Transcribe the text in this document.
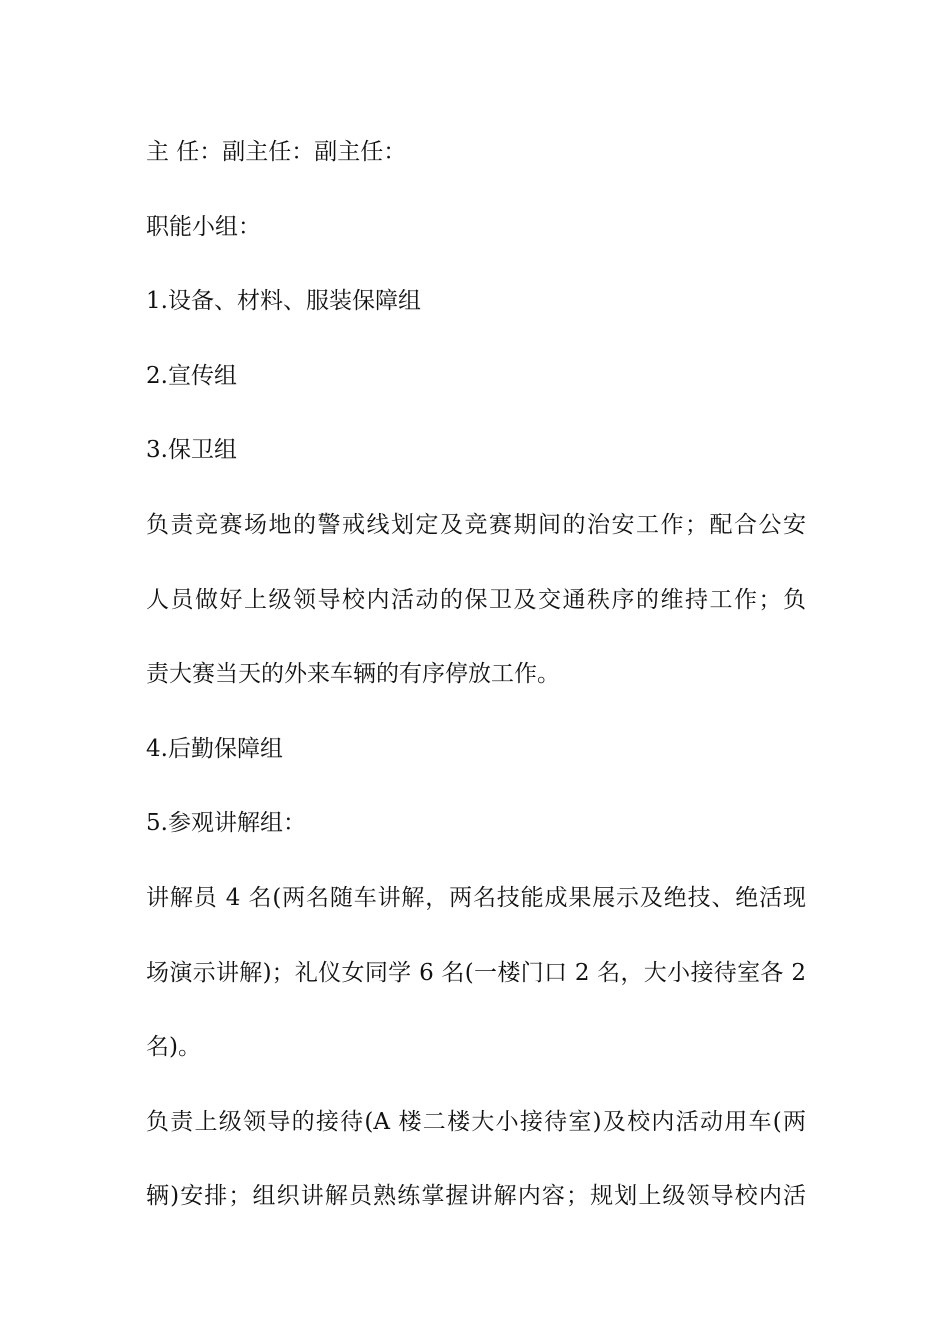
主 任：副主任：副主任：
职能小组：
1.设备、材料、服装保障组
2.宣传组
3.保卫组
负责竞赛场地的警戒线划定及竞赛期间的治安工作；配合公安
人员做好上级领导校内活动的保卫及交通秩序的维持工作；负
责大赛当天的外来车辆的有序停放工作。
4.后勤保障组
5.参观讲解组：
讲解员 4 名(两名随车讲解，两名技能成果展示及绝技、绝活现
场演示讲解)；礼仪女同学 6 名(一楼门口 2 名，大小接待室各 2
名)。
负责上级领导的接待(A 楼二楼大小接待室)及校内活动用车(两
辆)安排；组织讲解员熟练掌握讲解内容；规划上级领导校内活
